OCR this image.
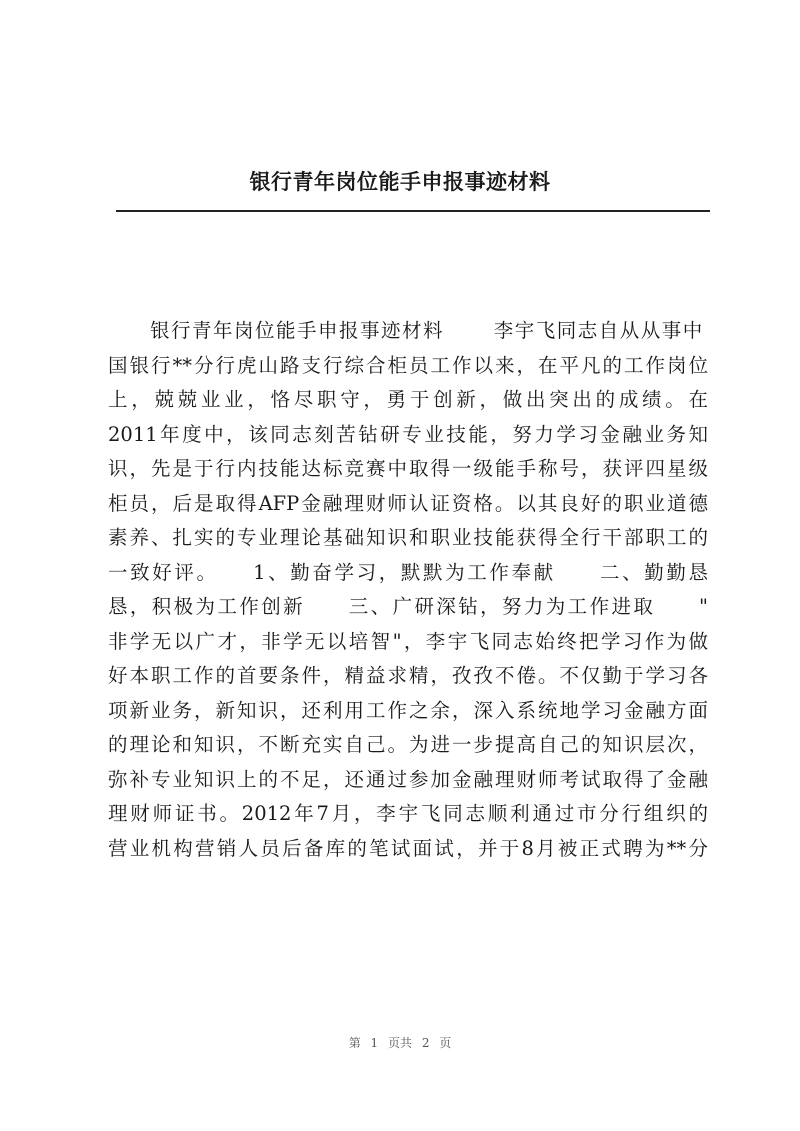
银行青年岗位能手申报事迹材料
　　银行青年岗位能手申报事迹材料　　 李宇飞同志自从从事中
国银行**分行虎山路支行综合柜员工作以来，在平凡的工作岗位
上，兢兢业业，恪尽职守，勇于创新，做出突出的成绩。在
2011年度中，该同志刻苦钻研专业技能，努力学习金融业务知
识，先是于行内技能达标竞赛中取得一级能手称号，获评四星级
柜员，后是取得AFP金融理财师认证资格。以其良好的职业道德
素养、扎实的专业理论基础知识和职业技能获得全行干部职工的
一致好评。　　1、勤奋学习，默默为工作奉献　　二、勤勤恳
恳，积极为工作创新　　三、广研深钻，努力为工作进取　　"
非学无以广才，非学无以培智"，李宇飞同志始终把学习作为做
好本职工作的首要条件，精益求精，孜孜不倦。不仅勤于学习各
项新业务，新知识，还利用工作之余，深入系统地学习金融方面
的理论和知识，不断充实自己。为进一步提高自己的知识层次，
弥补专业知识上的不足，还通过参加金融理财师考试取得了金融
理财师证书。2012年7月，李宇飞同志顺利通过市分行组织的
营业机构营销人员后备库的笔试面试，并于8月被正式聘为**分
第 1 页共 2 页
